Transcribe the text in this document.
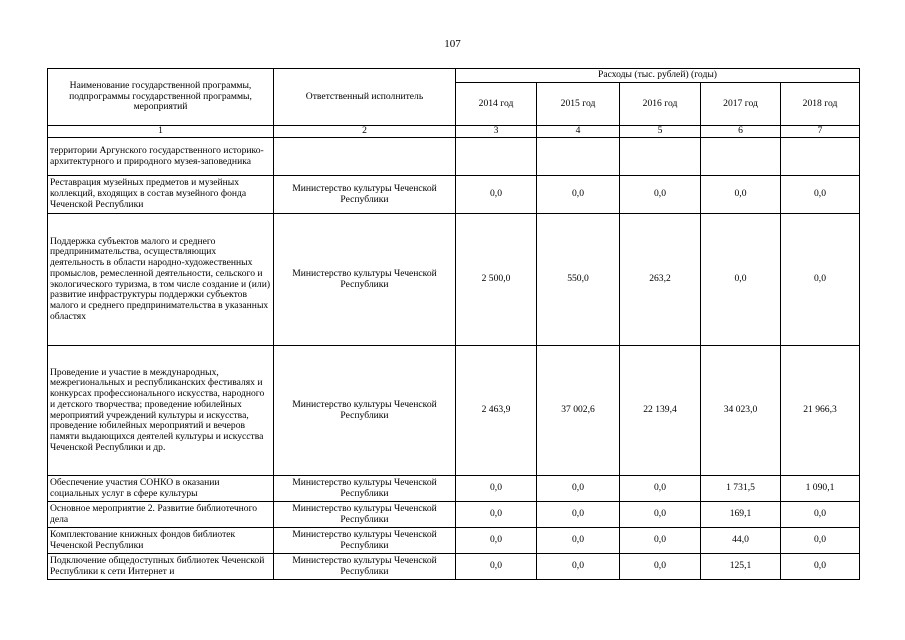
107
Наименование государственной программы, подпрограммы государственной программы, мероприятий	Ответственный исполнитель	Расходы (тыс. рублей) (годы)				
		2014 год	2015 год	2016 год	2017 год	2018 год
1	2	3	4	5	6	7
территории Аргунского государственного историко-архитектурного и природного музея-заповедника						
Реставрация музейных предметов и музейных коллекций, входящих в состав музейного фонда Чеченской Республики	Министерство культуры Чеченской Республики	0,0	0,0	0,0	0,0	0,0
Поддержка субъектов малого и среднего предпринимательства, осуществляющих деятельность в области народно-художественных промыслов, ремесленной деятельности, сельского и экологического туризма, в том числе создание и (или) развитие инфраструктуры поддержки субъектов малого и среднего предпринимательства в указанных областях	Министерство культуры Чеченской Республики	2 500,0	550,0	263,2	0,0	0,0
Проведение и участие в международных, межрегиональных и республиканских фестивалях и конкурсах профессионального искусства, народного и детского творчества; проведение юбилейных мероприятий учреждений культуры и искусства, проведение юбилейных мероприятий и вечеров памяти выдающихся деятелей культуры и искусства Чеченской Республики и др.	Министерство культуры Чеченской Республики	2 463,9	37 002,6	22 139,4	34 023,0	21 966,3
Обеспечение участия СОНКО в оказании социальных услуг в сфере культуры	Министерство культуры Чеченской Республики	0,0	0,0	0,0	1 731,5	1 090,1
Основное мероприятие 2. Развитие библиотечного дела	Министерство культуры Чеченской Республики	0,0	0,0	0,0	169,1	0,0
Комплектование книжных фондов библиотек Чеченской Республики	Министерство культуры Чеченской Республики	0,0	0,0	0,0	44,0	0,0
Подключение общедоступных библиотек Чеченской Республики к сети Интернет и	Министерство культуры Чеченской Республики	0,0	0,0	0,0	125,1	0,0
